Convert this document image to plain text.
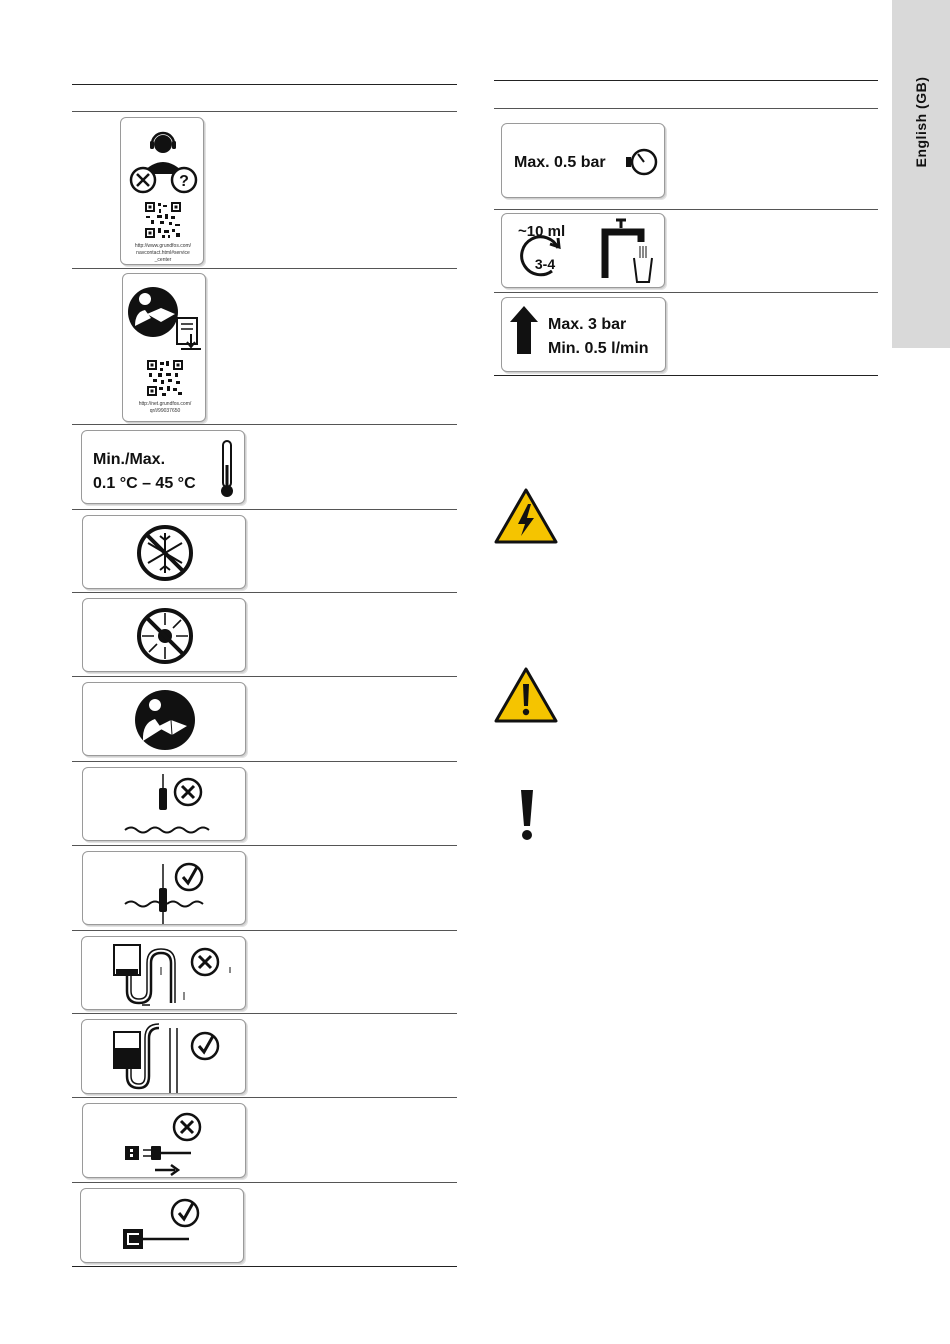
English (GB)
?
http://www.grundfos.com/
navcontact.html#service
_center
http://net.grundfos.com/
qr/i/99037650
Min./Max.
0.1 °C – 45 °C
Max. 0.5 bar
~10 ml
3-4
Max. 3 bar
Min. 0.5 l/min
